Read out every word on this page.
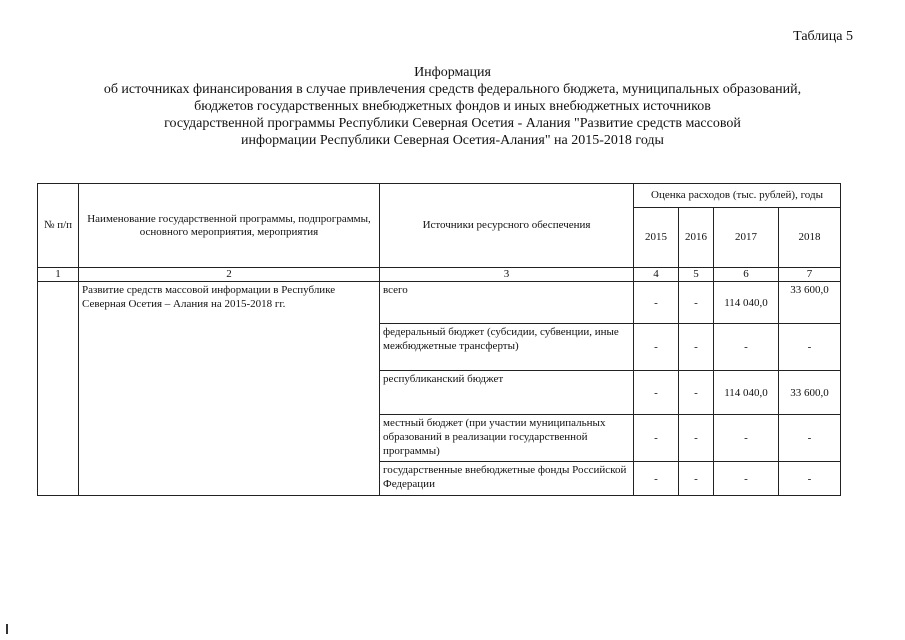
Таблица 5
Информация
об источниках финансирования в случае привлечения средств федерального бюджета, муниципальных образований,
бюджетов государственных внебюджетных фондов и иных внебюджетных источников
государственной программы Республики Северная Осетия - Алания "Развитие средств массовой
информации Республики Северная Осетия-Алания" на 2015-2018 годы
№ п/п	Наименование государственной программы, подпрограммы, основного мероприятия, мероприятия	Источники ресурсного обеспечения	Оценка расходов (тыс. рублей), годы			
			2015	2016	2017	2018
1	2	3	4	5	6	7
	Развитие средств массовой информации в Республике Северная Осетия – Алания на 2015-2018 гг.	всего	-	-	114 040,0	33 600,0
		федеральный бюджет (субсидии, субвенции, иные межбюджетные трансферты)	-	-	-	-
		республиканский бюджет	-	-	114 040,0	33 600,0
		местный бюджет (при участии муниципальных образований в реализации государственной программы)	-	-	-	-
		государственные внебюджетные фонды Российской Федерации	-	-	-	-
